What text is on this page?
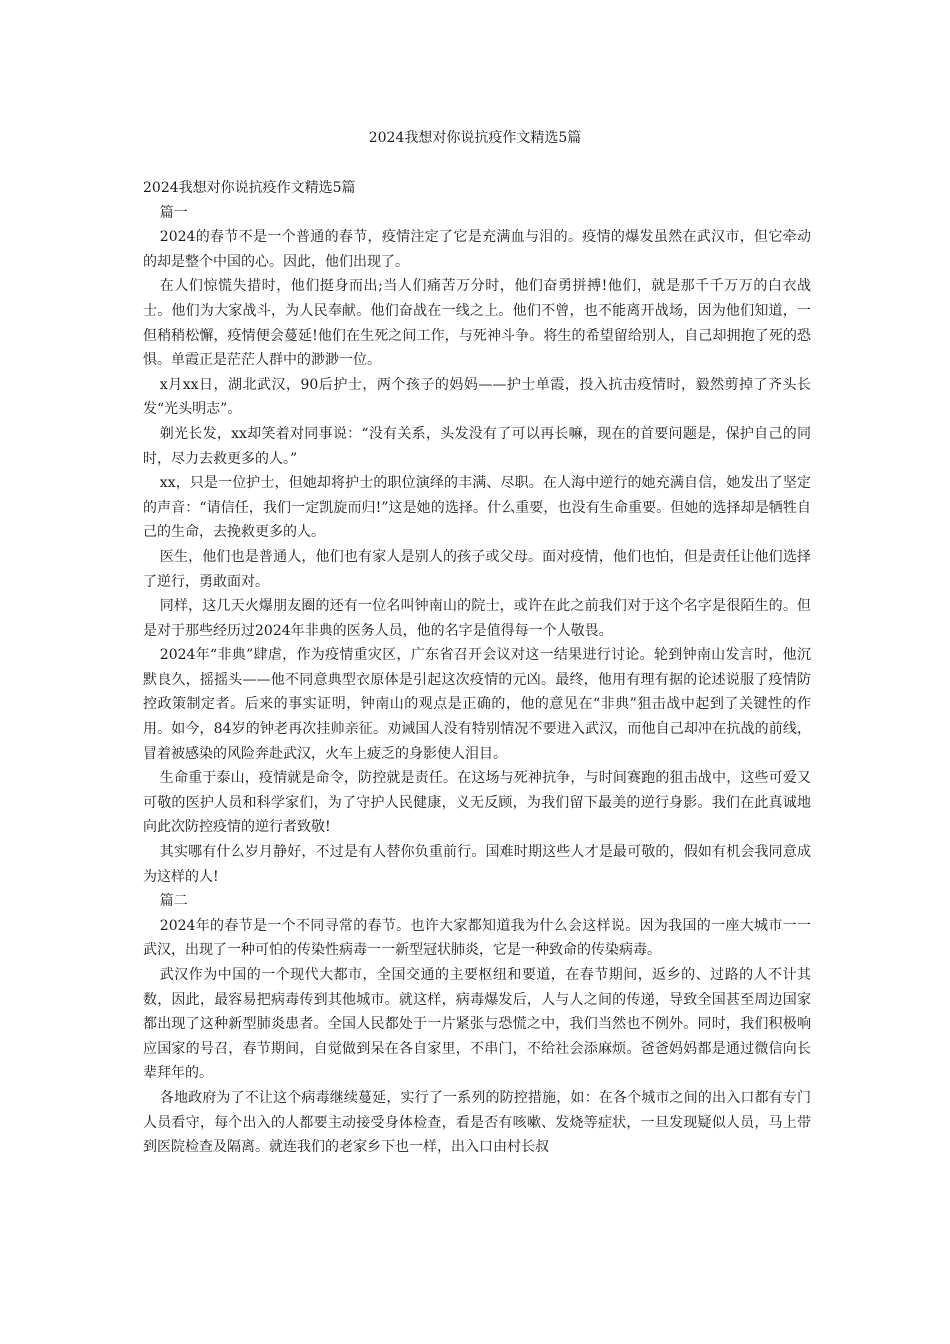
2024我想对你说抗疫作文精选5篇

2024我想对你说抗疫作文精选5篇

篇一

2024的春节不是一个普通的春节，疫情注定了它是充满血与泪的。疫情的爆发虽然在武汉市，但它牵动的却是整个中国的心。因此，他们出现了。

在人们惊慌失措时，他们挺身而出;当人们痛苦万分时，他们奋勇拼搏!他们，就是那千千万万的白衣战士。他们为大家战斗，为人民奉献。他们奋战在一线之上。他们不曾，也不能离开战场，因为他们知道，一但稍稍松懈，疫情便会蔓延!他们在生死之间工作，与死神斗争。将生的希望留给别人，自己却拥抱了死的恐惧。单霞正是茫茫人群中的渺渺一位。

x月xx日，湖北武汉，90后护士，两个孩子的妈妈——护士单霞，投入抗击疫情时，毅然剪掉了齐头长发“光头明志”。

剃光长发，xx却笑着对同事说：“没有关系，头发没有了可以再长嘛，现在的首要问题是，保护自己的同时，尽力去救更多的人。”

xx，只是一位护士，但她却将护士的职位演绎的丰满、尽职。在人海中逆行的她充满自信，她发出了坚定的声音：“请信任，我们一定凯旋而归!”这是她的选择。什么重要，也没有生命重要。但她的选择却是牺牲自己的生命，去挽救更多的人。

医生，他们也是普通人，他们也有家人是别人的孩子或父母。面对疫情，他们也怕，但是责任让他们选择了逆行，勇敢面对。

同样，这几天火爆朋友圈的还有一位名叫钟南山的院士，或许在此之前我们对于这个名字是很陌生的。但是对于那些经历过2024年非典的医务人员，他的名字是值得每一个人敬畏。

2024年“非典”肆虐，作为疫情重灾区，广东省召开会议对这一结果进行讨论。轮到钟南山发言时，他沉默良久，摇摇头——他不同意典型衣原体是引起这次疫情的元凶。最终，他用有理有据的论述说服了疫情防控政策制定者。后来的事实证明，钟南山的观点是正确的，他的意见在“非典”狙击战中起到了关键性的作用。如今，84岁的钟老再次挂帅亲征。劝诫国人没有特别情况不要进入武汉，而他自己却冲在抗战的前线，冒着被感染的风险奔赴武汉，火车上疲乏的身影使人泪目。

生命重于泰山，疫情就是命令，防控就是责任。在这场与死神抗争，与时间赛跑的狙击战中，这些可爱又可敬的医护人员和科学家们，为了守护人民健康，义无反顾，为我们留下最美的逆行身影。我们在此真诚地向此次防控疫情的逆行者致敬!

其实哪有什么岁月静好，不过是有人替你负重前行。国难时期这些人才是最可敬的，假如有机会我同意成为这样的人!

篇二

2024年的春节是一个不同寻常的春节。也许大家都知道我为什么会这样说。因为我国的一座大城市一一武汉，出现了一种可怕的传染性病毒一一新型冠状肺炎，它是一种致命的传染病毒。

武汉作为中国的一个现代大都市，全国交通的主要枢纽和要道，在春节期间，返乡的、过路的人不计其数，因此，最容易把病毒传到其他城市。就这样，病毒爆发后，人与人之间的传递，导致全国甚至周边国家都出现了这种新型肺炎患者。全国人民都处于一片紧张与恐慌之中，我们当然也不例外。同时，我们积极响应国家的号召，春节期间，自觉做到呆在各自家里，不串门，不给社会添麻烦。爸爸妈妈都是通过微信向长辈拜年的。

各地政府为了不让这个病毒继续蔓延，实行了一系列的防控措施，如：在各个城市之间的出入口都有专门人员看守，每个出入的人都要主动接受身体检查，看是否有咳嗽、发烧等症状，一旦发现疑似人员，马上带到医院检查及隔离。就连我们的老家乡下也一样，出入口由村长叔
